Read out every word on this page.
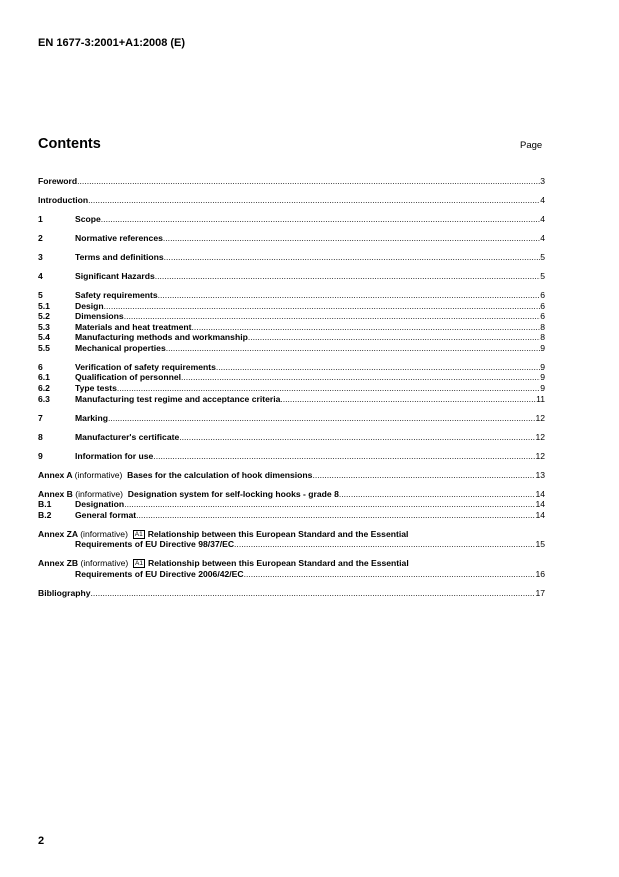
EN 1677-3:2001+A1:2008 (E)
Contents	Page
Foreword .....	3
Introduction .....	4
1	Scope .....	4
2	Normative references .....	4
3	Terms and definitions .....	5
4	Significant Hazards .....	5
5	Safety requirements .....	6
5.1	Design .....	6
5.2	Dimensions .....	6
5.3	Materials and heat treatment .....	8
5.4	Manufacturing methods and workmanship .....	8
5.5	Mechanical properties .....	9
6	Verification of safety requirements .....	9
6.1	Qualification of personnel .....	9
6.2	Type tests .....	9
6.3	Manufacturing test regime and acceptance criteria .....	11
7	Marking .....	12
8	Manufacturer's certificate .....	12
9	Information for use .....	12
Annex A (informative) Bases for the calculation of hook dimensions .....	13
Annex B (informative) Designation system for self-locking hooks - grade 8 .....	14
B.1	Designation .....	14
B.2	General format .....	14
Annex ZA (informative) A1 Relationship between this European Standard and the Essential
Requirements of EU Directive 98/37/EC .....	15
Annex ZB (informative) A1 Relationship between this European Standard and the Essential
Requirements of EU Directive 2006/42/EC .....	16
Bibliography .....	17
2
